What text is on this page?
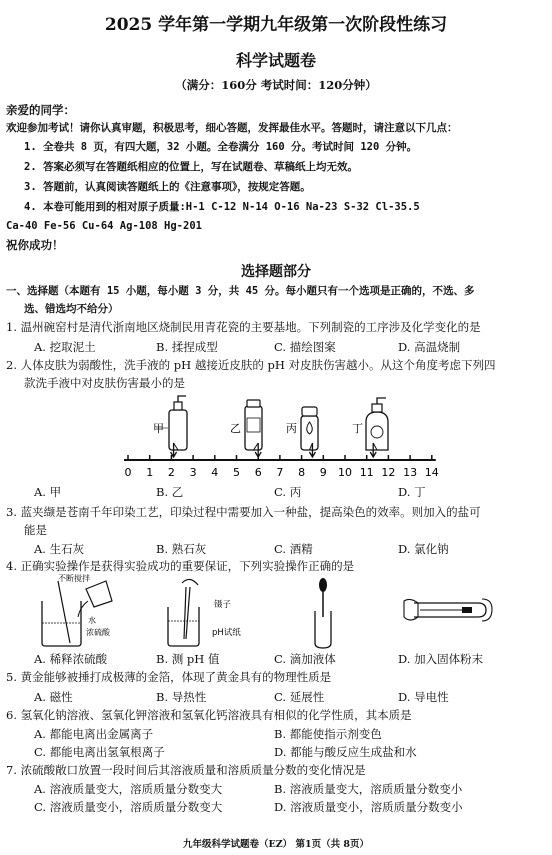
2025 学年第一学期九年级第一次阶段性练习
科学试题卷
（满分：160分 考试时间：120分钟）
亲爱的同学：
欢迎参加考试！请你认真审题，积极思考，细心答题，发挥最佳水平。答题时，请注意以下几点：
1. 全卷共 8 页，有四大题，32 小题。全卷满分 160 分。考试时间 120 分钟。
2. 答案必须写在答题纸相应的位置上，写在试题卷、草稿纸上均无效。
3. 答题前，认真阅读答题纸上的《注意事项》，按规定答题。
4. 本卷可能用到的相对原子质量:H-1 C-12 N-14 O-16 Na-23 S-32 Cl-35.5
Ca-40 Fe-56 Cu-64 Ag-108 Hg-201
祝你成功！
选择题部分
一、选择题（本题有 15 小题，每小题 3 分，共 45 分。每小题只有一个选项是正确的，不选、多
选、错选均不给分）
1. 温州碗窑村是清代浙南地区烧制民用青花瓷的主要基地。下列制瓷的工序涉及化学变化的是
A. 挖取泥土	B. 揉捏成型	C. 描绘图案	D. 高温烧制
2. 人体皮肤为弱酸性，洗手液的 pH 越接近皮肤的 pH 对皮肤伤害越小。从这个角度考虑下列四
款洗手液中对皮肤伤害最小的是
甲	乙	丙	丁
0 1 2 3 4 5 6 7 8 9 10 11 12 13 14
A. 甲	B. 乙	C. 丙	D. 丁
3. 蓝夹缬是苍南千年印染工艺，印染过程中需要加入一种盐，提高染色的效率。则加入的盐可
能是
A. 生石灰	B. 熟石灰	C. 酒精	D. 氯化钠
4. 正确实验操作是获得实验成功的重要保证，下列实验操作正确的是
不断搅拌
水
浓硫酸
镊子
pH试纸
A. 稀释浓硫酸	B. 测 pH 值	C. 滴加液体	D. 加入固体粉末
5. 黄金能够被捶打成极薄的金箔，体现了黄金具有的物理性质是
A. 磁性	B. 导热性	C. 延展性	D. 导电性
6. 氢氧化钠溶液、氢氧化钾溶液和氢氧化钙溶液具有相似的化学性质，其本质是
A. 都能电离出金属离子	B. 都能使指示剂变色
C. 都能电离出氢氧根离子	D. 都能与酸反应生成盐和水
7. 浓硫酸敞口放置一段时间后其溶液质量和溶质质量分数的变化情况是
A. 溶液质量变大，溶质质量分数变大	B. 溶液质量变大，溶质质量分数变小
C. 溶液质量变小，溶质质量分数变大	D. 溶液质量变小，溶质质量分数变小
九年级科学试题卷（EZ） 第1页（共 8页）
